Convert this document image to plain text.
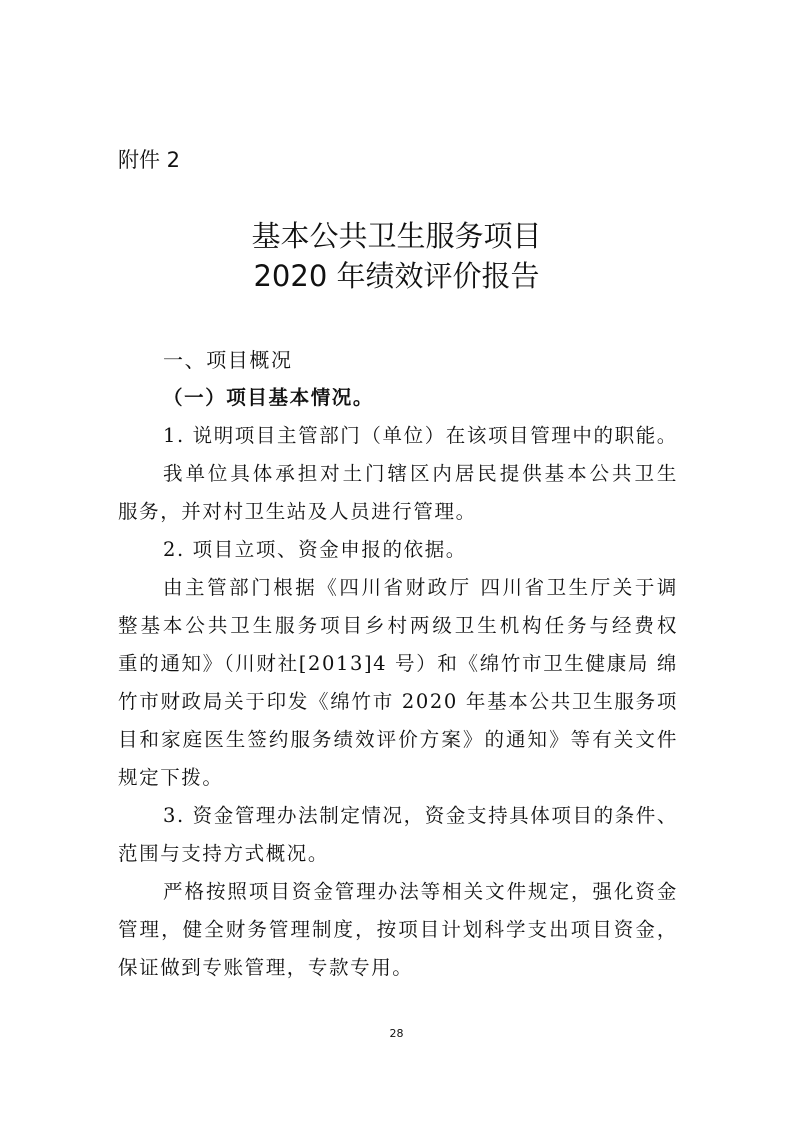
附件 2
基本公共卫生服务项目
2020 年绩效评价报告
一、项目概况
（一）项目基本情况。
1. 说明项目主管部门（单位）在该项目管理中的职能。
我单位具体承担对土门辖区内居民提供基本公共卫生
服务，并对村卫生站及人员进行管理。
2. 项目立项、资金申报的依据。
由主管部门根据《四川省财政厅 四川省卫生厅关于调
整基本公共卫生服务项目乡村两级卫生机构任务与经费权
重的通知》（川财社[2013]4 号）和《绵竹市卫生健康局 绵
竹市财政局关于印发《绵竹市 2020 年基本公共卫生服务项
目和家庭医生签约服务绩效评价方案》的通知》等有关文件
规定下拨。
3. 资金管理办法制定情况，资金支持具体项目的条件、
范围与支持方式概况。
严格按照项目资金管理办法等相关文件规定，强化资金
管理，健全财务管理制度，按项目计划科学支出项目资金，
保证做到专账管理，专款专用。
28
